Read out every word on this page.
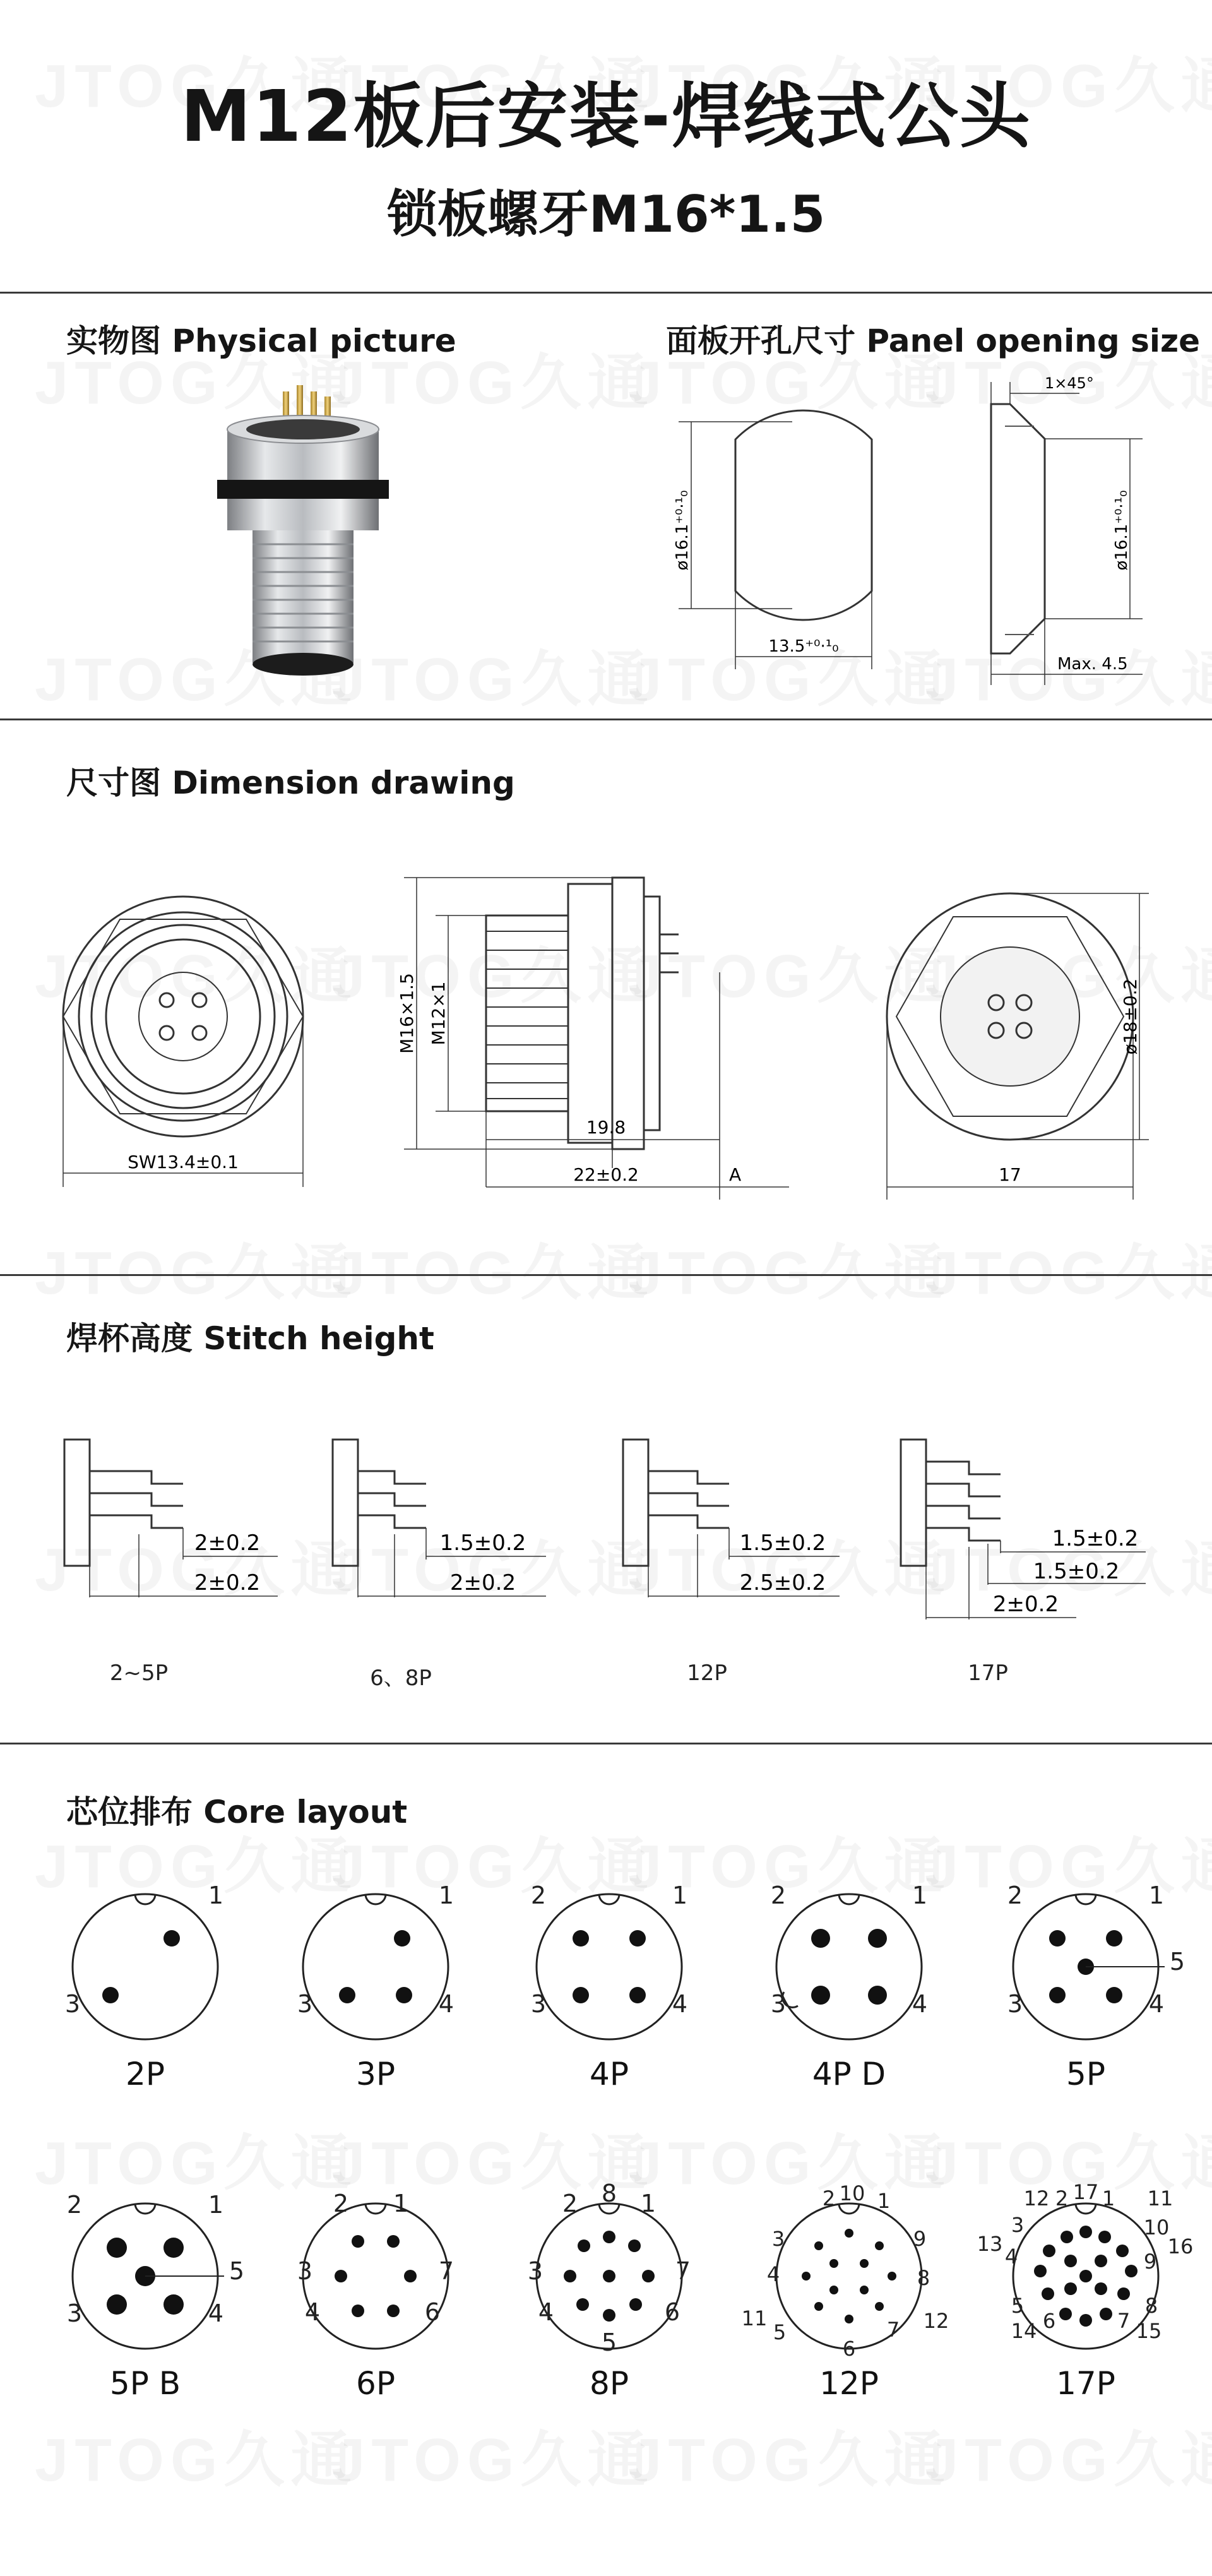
M12板后安装-焊线式公头
锁板螺牙M16*1.5
实物图 Physical picture	面板开孔尺寸 Panel opening size
ø16.1⁺⁰·¹₀
13.5⁺⁰·¹₀
1×45°
ø16.1⁺⁰·¹₀
Max. 4.5
尺寸图 Dimension drawing
SW13.4±0.1
M16×1.5 M12×1
19.8
22±0.2	A
ø18±0.2
17
焊杯高度 Stitch height
2±0.2
2±0.2
2~5P
1.5±0.2
2±0.2
6、8P
1.5±0.2
2.5±0.2
12P
1.5±0.2
1.5±0.2
2±0.2
17P
芯位排布 Core layout
1
3
2P
1
3	4
3P
2	1
3	4
4P
2	1
3	4
4P D
2	1
5
3	4
5P
2	1
5
3	4
5P B
2 1
3	7
4	6
6P
8
2	1
3	7
4	6
5
8P
2 10 1
3	9
4	8
11
5	7 12
6
12P
17
12 2 1 11
3	10
13	16
4	9
5	8
14 6	7 15
17P
